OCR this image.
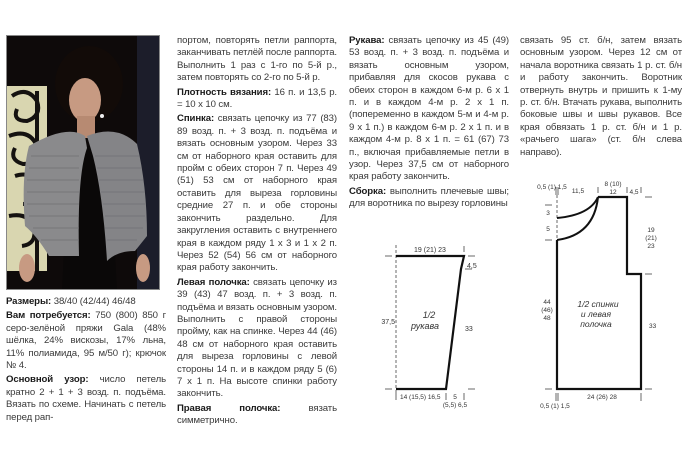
Размеры: 38/40 (42/44) 46/48

Вам потребуется: 750 (800) 850 г серо-зелёной пряжи Gala (48% шёлка, 24% вискозы, 17% льна, 11% полиамида, 95 м/50 г); крючок № 4.

Основной узор: число петель кратно 2 + 1 + 3 возд. п. подъёма. Вязать по схеме. Начинать с петель перед рап-

портом, повторять петли раппорта, заканчивать петлёй после раппорта. Выполнить 1 раз с 1-го по 5-й р., затем повторять со 2-го по 5-й р.

Плотность вязания: 16 п. и 13,5 р. = 10 х 10 см.

Спинка: связать цепочку из 77 (83) 89 возд. п. + 3 возд. п. подъёма и вязать основным узором. Через 33 см от наборного края оставить для пройм с обеих сторон 7 п. Через 49 (51) 53 см от наборного края оставить для выреза горловины средние 27 п. и обе стороны закончить раздельно. Для закругления оставить с внутреннего края в каждом ряду 1 х 3 и 1 х 2 п. Через 52 (54) 56 см от наборного края работу закончить.

Левая полочка: связать цепочку из 39 (43) 47 возд. п. + 3 возд. п. подъёма и вязать основным узором. Выполнить с правой стороны пройму, как на спинке. Через 44 (46) 48 см от наборного края оставить для выреза горловины с левой стороны 14 п. и в каждом ряду 5 (6) 7 х 1 п. На высоте спинки работу закончить.

Правая полочка: вязать симметрично.

Рукава: связать цепочку из 45 (49) 53 возд. п. + 3 возд. п. подъёма и вязать основным узором, прибавляя для скосов рукава с обеих сторон в каждом 6-м р. 6 х 1 п. и в каждом 4-м р. 2 х 1 п. (попеременно в каждом 5-м и 4-м р. 9 х 1 п.) в каждом 6-м р. 2 х 1 п. и в каждом 4-м р. 8 х 1 п. = 61 (67) 73 п., включая прибавляемые петли в узор. Через 37,5 см от наборного края работу закончить.

Сборка: выполнить плечевые швы; для воротника по вырезу горловины

связать 95 ст. б/н, затем вязать основным узором. Через 12 см от начала воротника связать 1 р. ст. б/н и работу закончить. Воротник отвернуть внутрь и пришить к 1-му р. ст. б/н. Втачать рукава, выполнить боковые швы и швы рукавов. Все края обвязать 1 р. ст. б/н и 1 р. «рачьего шага» (ст. б/н слева направо).

19 (21) 23
4,5
37,5
33
1/2
рукава
14 (15,5) 16,5 5
(5,5) 6,5
0,5 (1) 1,5
11,5
8 (10)
12 4,5
3
5	19
(21)
23
44
(46)
48
33
1/2 спинки
и левая
полочка
24 (26) 28
0,5 (1) 1,5
